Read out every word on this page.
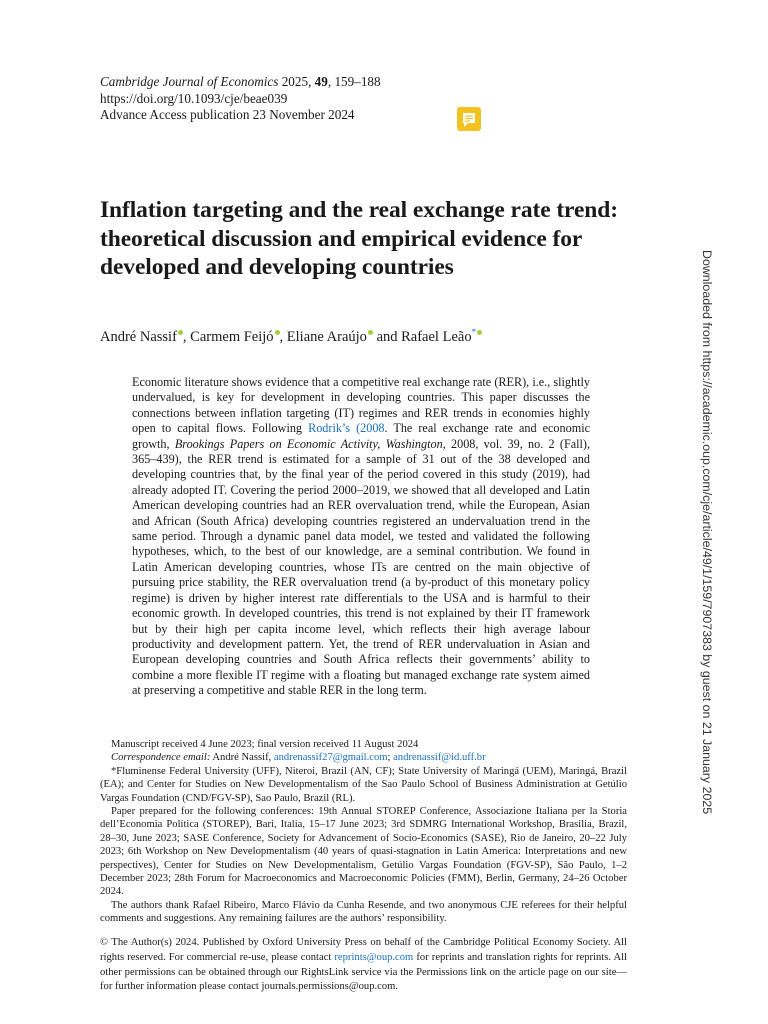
Cambridge Journal of Economics 2025, 49, 159–188
https://doi.org/10.1093/cje/beae039
Advance Access publication 23 November 2024
Inflation targeting and the real exchange rate trend: theoretical discussion and empirical evidence for developed and developing countries
André Nassif , Carmem Feijó , Eliane Araújo and Rafael Leão*

Economic literature shows evidence that a competitive real exchange rate (RER), i.e., slightly undervalued, is key for development in developing countries. This paper discusses the connections between inflation targeting (IT) regimes and RER trends in economies highly open to capital flows. Following Rodrik’s (2008. The real exchange rate and economic growth, Brookings Papers on Economic Activity, Washington, 2008, vol. 39, no. 2 (Fall), 365–439), the RER trend is estimated for a sample of 31 out of the 38 developed and developing countries that, by the final year of the period covered in this study (2019), had already adopted IT. Covering the period 2000–2019, we showed that all developed and Latin American developing countries had an RER overvaluation trend, while the European, Asian and African (South Africa) developing countries registered an undervaluation trend in the same period. Through a dynamic panel data model, we tested and validated the following hypotheses, which, to the best of our knowledge, are a seminal contribution. We found in Latin American developing countries, whose ITs are centred on the main objective of pursuing price stability, the RER overvaluation trend (a by-product of this monetary policy regime) is driven by higher interest rate differentials to the USA and is harmful to their economic growth. In developed countries, this trend is not explained by their IT framework but by their high per capita income level, which reflects their high average labour productivity and development pattern. Yet, the trend of RER undervaluation in Asian and European developing countries and South Africa reflects their governments’ ability to combine a more flexible IT regime with a floating but managed exchange rate system aimed at preserving a competitive and stable RER in the long term.

Manuscript received 4 June 2023; final version received 11 August 2024

Correspondence email: André Nassif, andrenassif27@gmail.com; andrenassif@id.uff.br

*Fluminense Federal University (UFF), Niteroi, Brazil (AN, CF); State University of Maringá (UEM), Maringá, Brazil (EA); and Center for Studies on New Developmentalism of the Sao Paulo School of Business Administration at Getúlio Vargas Foundation (CND/FGV-SP), Sao Paulo, Brazil (RL).

Paper prepared for the following conferences: 19th Annual STOREP Conference, Associazione Italiana per la Storia dell’Economia Política (STOREP), Bari, Italia, 15–17 June 2023; 3rd SDMRG International Workshop, Brasilia, Brazil, 28–30, June 2023; SASE Conference, Society for Advancement of Socio-Economics (SASE), Rio de Janeiro, 20–22 July 2023; 6th Workshop on New Developmentalism (40 years of quasi-stagnation in Latin America: Interpretations and new perspectives), Center for Studies on New Developmentalism, Getúlio Vargas Foundation (FGV-SP), São Paulo, 1–2 December 2023; 28th Forum for Macroeconomics and Macroeconomic Policies (FMM), Berlin, Germany, 24–26 October 2024.

The authors thank Rafael Ribeiro, Marco Flávio da Cunha Resende, and two anonymous CJE referees for their helpful comments and suggestions. Any remaining failures are the authors’ responsibility.

© The Author(s) 2024. Published by Oxford University Press on behalf of the Cambridge Political Economy Society. All rights reserved. For commercial re-use, please contact reprints@oup.com for reprints and translation rights for reprints. All other permissions can be obtained through our RightsLink service via the Permissions link on the article page on our site—for further information please contact journals.permissions@oup.com.

Downloaded from https://academic.oup.com/cje/article/49/1/159/7907383 by guest on 21 January 2025
